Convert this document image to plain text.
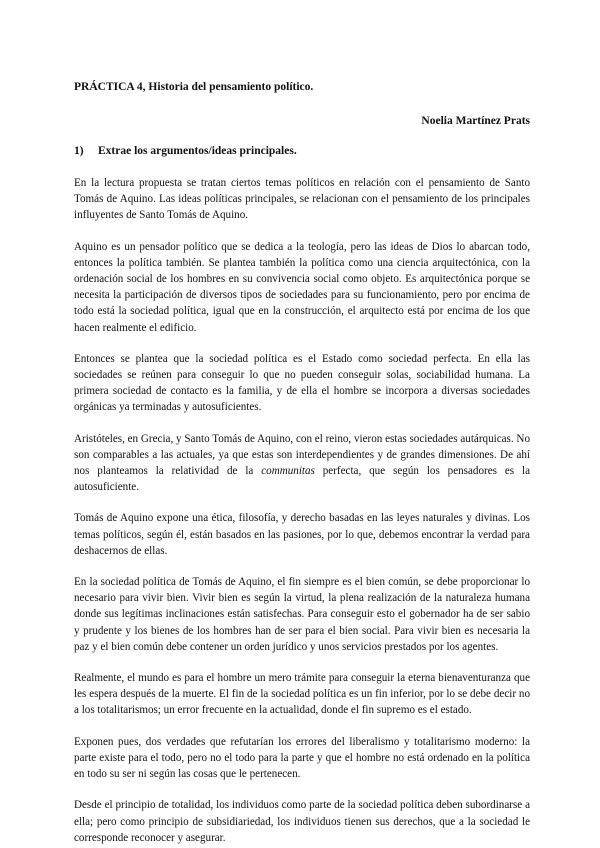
PRÁCTICA 4, Historia del pensamiento político.
Noelia Martínez Prats
1)	Extrae los argumentos/ideas principales.

En la lectura propuesta se tratan ciertos temas políticos en relación con el pensamiento de Santo Tomás de Aquino. Las ideas políticas principales, se relacionan con el pensamiento de los principales influyentes de Santo Tomás de Aquino.

Aquino es un pensador político que se dedica a la teología, pero las ideas de Dios lo abarcan todo, entonces la política también. Se plantea también la política como una ciencia arquitectónica, con la ordenación social de los hombres en su convivencia social como objeto. Es arquitectónica porque se necesita la participación de diversos tipos de sociedades para su funcionamiento, pero por encima de todo está la sociedad política, igual que en la construcción, el arquitecto está por encima de los que hacen realmente el edificio.

Entonces se plantea que la sociedad política es el Estado como sociedad perfecta. En ella las sociedades se reúnen para conseguir lo que no pueden conseguir solas, sociabilidad humana. La primera sociedad de contacto es la familia, y de ella el hombre se incorpora a diversas sociedades orgánicas ya terminadas y autosuficientes.

Aristóteles, en Grecia, y Santo Tomás de Aquino, con el reino, vieron estas sociedades autárquicas. No son comparables a las actuales, ya que estas son interdependientes y de grandes dimensiones. De ahí nos planteamos la relatividad de la communitas perfecta, que según los pensadores es la autosuficiente.

Tomás de Aquino expone una ética, filosofía, y derecho basadas en las leyes naturales y divinas. Los temas políticos, según él, están basados en las pasiones, por lo que, debemos encontrar la verdad para deshacernos de ellas.

En la sociedad política de Tomás de Aquino, el fin siempre es el bien común, se debe proporcionar lo necesario para vivir bien. Vivir bien es según la virtud, la plena realización de la naturaleza humana donde sus legítimas inclinaciones están satisfechas. Para conseguir esto el gobernador ha de ser sabio y prudente y los bienes de los hombres han de ser para el bien social. Para vivir bien es necesaria la paz y el bien común debe contener un orden jurídico y unos servicios prestados por los agentes.

Realmente, el mundo es para el hombre un mero trámite para conseguir la eterna bienaventuranza que les espera después de la muerte. El fin de la sociedad política es un fin inferior, por lo se debe decir no a los totalitarismos; un error frecuente en la actualidad, donde el fin supremo es el estado.

Exponen pues, dos verdades que refutarían los errores del liberalismo y totalitarismo moderno: la parte existe para el todo, pero no el todo para la parte y que el hombre no está ordenado en la política en todo su ser ni según las cosas que le pertenecen.

Desde el principio de totalidad, los individuos como parte de la sociedad política deben subordinarse a ella; pero como principio de subsidiariedad, los individuos tienen sus derechos, que a la sociedad le corresponde reconocer y asegurar.
